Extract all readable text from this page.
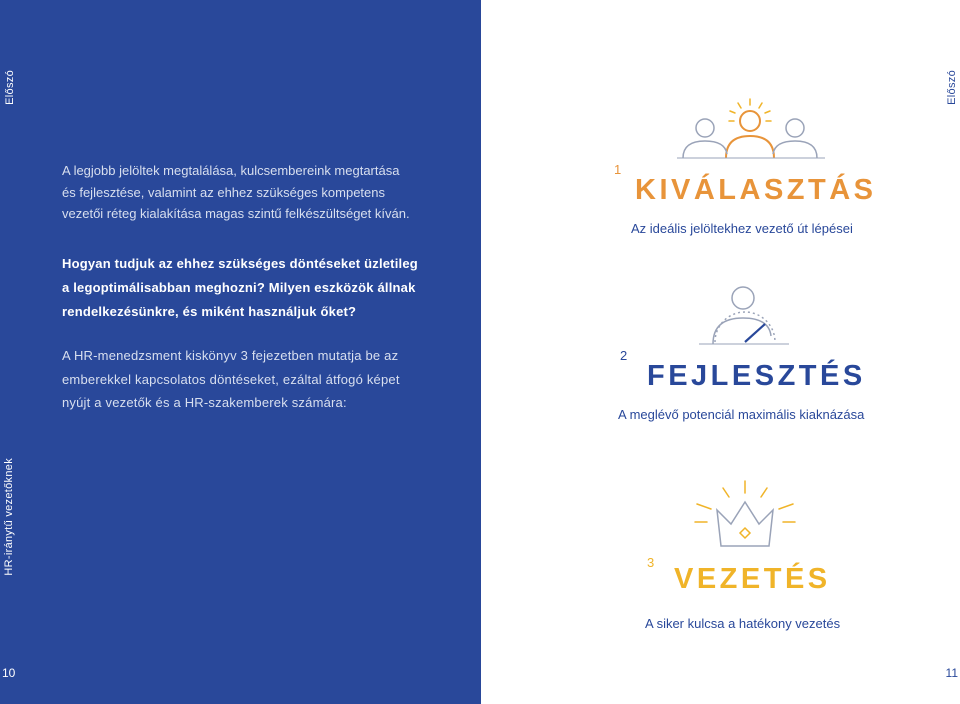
Előszó

A legjobb jelöltek megtalálása, kulcsembereink megtartása
és fejlesztése, valamint az ehhez szükséges kompetens
vezetői réteg kialakítása magas szintű felkészültséget kíván.

Hogyan tudjuk az ehhez szükséges döntéseket üzletileg
a legoptimálisabban meghozni? Milyen eszközök állnak
rendelkezésünkre, és miként használjuk őket?

A HR-menedzsment kiskönyv 3 fejezetben mutatja be az
emberekkel kapcsolatos döntéseket, ezáltal átfogó képet
nyújt a vezetők és a HR-szakemberek számára:

HR-iránytű vezetőknek
10
Előszó
1
KIVÁLASZTÁS
Az ideális jelöltekhez vezető út lépései
2
FEJLESZTÉS
A meglévő potenciál maximális kiaknázása
3
VEZETÉS
A siker kulcsa a hatékony vezetés
11
